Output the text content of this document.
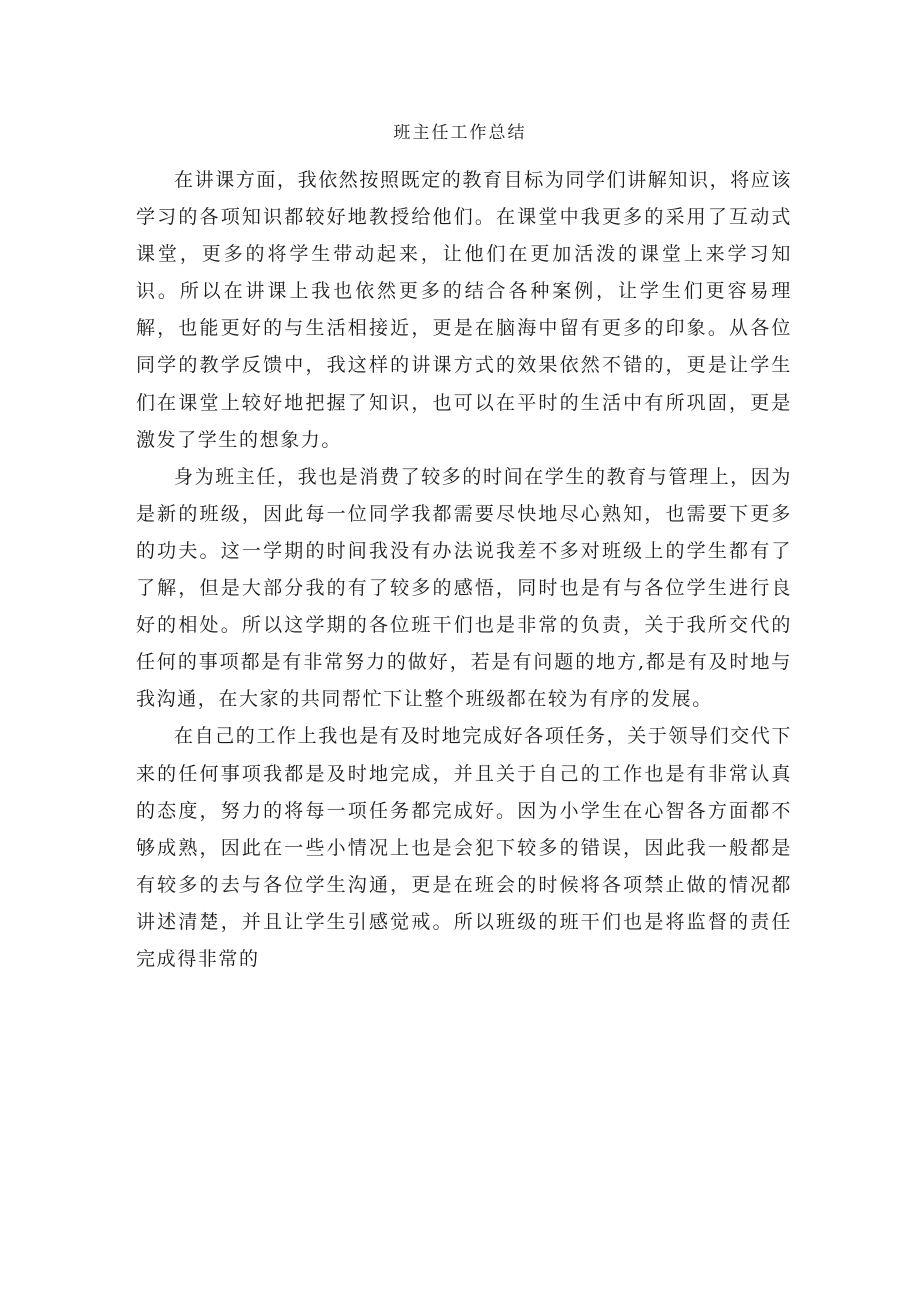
班主任工作总结

在讲课方面，我依然按照既定的教育目标为同学们讲解知识，将应该学习的各项知识都较好地教授给他们。在课堂中我更多的采用了互动式课堂，更多的将学生带动起来，让他们在更加活泼的课堂上来学习知识。所以在讲课上我也依然更多的结合各种案例，让学生们更容易理解，也能更好的与生活相接近，更是在脑海中留有更多的印象。从各位同学的教学反馈中，我这样的讲课方式的效果依然不错的，更是让学生们在课堂上较好地把握了知识，也可以在平时的生活中有所巩固，更是激发了学生的想象力。

身为班主任，我也是消费了较多的时间在学生的教育与管理上，因为是新的班级，因此每一位同学我都需要尽快地尽心熟知，也需要下更多的功夫。这一学期的时间我没有办法说我差不多对班级上的学生都有了了解，但是大部分我的有了较多的感悟，同时也是有与各位学生进行良好的相处。所以这学期的各位班干们也是非常的负责，关于我所交代的任何的事项都是有非常努力的做好，若是有问题的地方,都是有及时地与我沟通，在大家的共同帮忙下让整个班级都在较为有序的发展。

在自己的工作上我也是有及时地完成好各项任务，关于领导们交代下来的任何事项我都是及时地完成，并且关于自己的工作也是有非常认真的态度，努力的将每一项任务都完成好。因为小学生在心智各方面都不够成熟，因此在一些小情况上也是会犯下较多的错误，因此我一般都是有较多的去与各位学生沟通，更是在班会的时候将各项禁止做的情况都讲述清楚，并且让学生引感觉戒。所以班级的班干们也是将监督的责任完成得非常的
